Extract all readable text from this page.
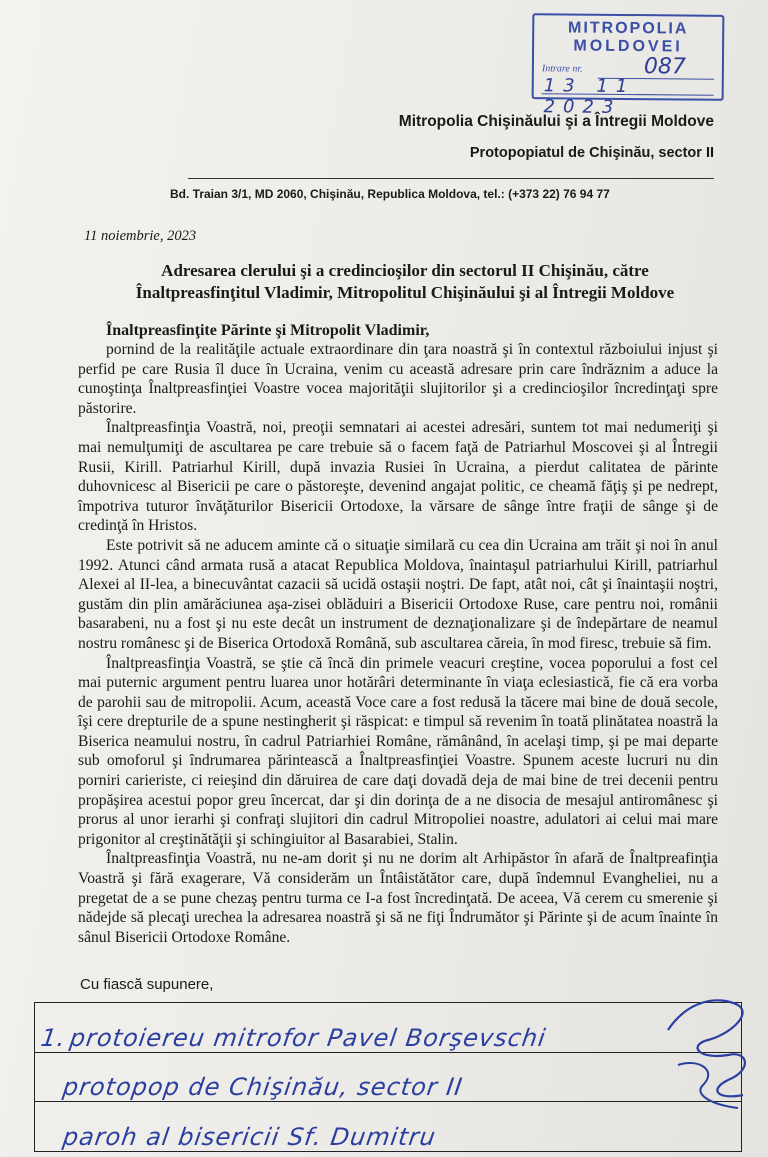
MITROPOLIA
MOLDOVEI
Intrare nr.	087
13 11 2023
Mitropolia Chişinăului şi a Întregii Moldove
Protopopiatul de Chişinău, sector II
Bd. Traian 3/1, MD 2060, Chişinău, Republica Moldova, tel.: (+373 22) 76 94 77
11 noiembrie, 2023
Adresarea clerului şi a credincioşilor din sectorul II Chişinău, către
Înaltpreasfinţitul Vladimir, Mitropolitul Chişinăului şi al Întregii Moldove
Înaltpreasfinţite Părinte şi Mitropolit Vladimir,

pornind de la realităţile actuale extraordinare din ţara noastră şi în contextul războiului injust şi perfid pe care Rusia îl duce în Ucraina, venim cu această adresare prin care îndrăznim a aduce la cunoştinţa Înaltpreasfinţiei Voastre vocea majorităţii slujitorilor şi a credincioşilor încredinţaţi spre păstorire.

Înaltpreasfinţia Voastră, noi, preoţii semnatari ai acestei adresări, suntem tot mai nedumeriţi şi mai nemulţumiţi de ascultarea pe care trebuie să o facem faţă de Patriarhul Moscovei şi al Întregii Rusii, Kirill. Patriarhul Kirill, după invazia Rusiei în Ucraina, a pierdut calitatea de părinte duhovnicesc al Bisericii pe care o păstoreşte, devenind angajat politic, ce cheamă făţiş şi pe nedrept, împotriva tuturor învăţăturilor Bisericii Ortodoxe, la vărsare de sânge între fraţii de sânge şi de credinţă în Hristos.

Este potrivit să ne aducem aminte că o situaţie similară cu cea din Ucraina am trăit şi noi în anul 1992. Atunci când armata rusă a atacat Republica Moldova, înaintaşul patriarhului Kirill, patriarhul Alexei al II-lea, a binecuvântat cazacii să ucidă ostaşii noştri. De fapt, atât noi, cât şi înaintaşii noştri, gustăm din plin amărăciunea aşa-zisei oblăduiri a Bisericii Ortodoxe Ruse, care pentru noi, românii basarabeni, nu a fost şi nu este decât un instrument de deznaţionalizare şi de îndepărtare de neamul nostru românesc şi de Biserica Ortodoxă Română, sub ascultarea căreia, în mod firesc, trebuie să fim.

Înaltpreasfinţia Voastră, se ştie că încă din primele veacuri creştine, vocea poporului a fost cel mai puternic argument pentru luarea unor hotărâri determinante în viaţa eclesiastică, fie că era vorba de parohii sau de mitropolii. Acum, această Voce care a fost redusă la tăcere mai bine de două secole, îşi cere drepturile de a spune nestingherit şi răspicat: e timpul să revenim în toată plinătatea noastră la Biserica neamului nostru, în cadrul Patriarhiei Române, rămânând, în acelaşi timp, şi pe mai departe sub omoforul şi îndrumarea părintească a Înaltpreasfinţiei Voastre. Spunem aceste lucruri nu din porniri carieriste, ci reieşind din dăruirea de care daţi dovadă deja de mai bine de trei decenii pentru propăşirea acestui popor greu încercat, dar şi din dorinţa de a ne disocia de mesajul antiromânesc şi prorus al unor ierarhi şi confraţi slujitori din cadrul Mitropoliei noastre, adulatori ai celui mai mare prigonitor al creştinătăţii şi schingiuitor al Basarabiei, Stalin.

Înaltpreasfinţia Voastră, nu ne-am dorit şi nu ne dorim alt Arhipăstor în afară de Înaltpreafinţia Voastră şi fără exagerare, Vă considerăm un Întâistătător care, după îndemnul Evangheliei, nu a pregetat de a se pune chezaş pentru turma ce I-a fost încredinţată. De aceea, Vă cerem cu smerenie şi nădejde să plecaţi urechea la adresarea noastră şi să ne fiţi Îndrumător şi Părinte şi de acum înainte în sânul Bisericii Ortodoxe Române.

Cu fiască supunere,
1. protoiereu mitrofor Pavel Borşevschi
protopop de Chişinău, sector II
paroh al bisericii Sf. Dumitru
